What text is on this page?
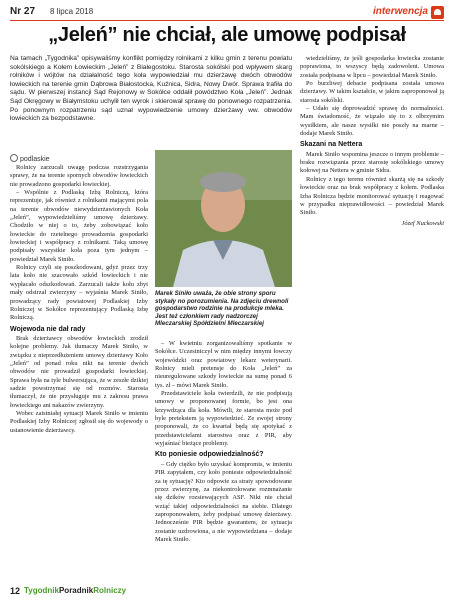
Nr 27 8 lipca 2018	interwencja
„Jeleń” nie chciał, ale umowę podpisał
Na tamach „Tygodnika” opisywaliśmy konflikt pomiędzy rolnikami z kilku gmin z terenu powiatu sokólskiego a Kołem Łowieckim „Jeleń” z Białegostoku. Starosta sokólski pod wpływem skarg rolników i wójtów na działalność tego koła wypowiedział mu dzierżawę dwóch obwodów łowieckich na terenie gmin Dąbrowa Białostocka, Kuźnica, Sidra, Nowy Dwór. Sprawa trafiła do sądu. W pierwszej instancji Sąd Rejonowy w Sokółce oddalił powództwo Koła „Jeleń”. Jednak Sąd Okręgowy w Białymstoku uchylił ten wyrok i skierował sprawę do ponownego rozpatrzenia. Po ponownym rozpatrzeniu sąd uznał wypowiedzenie umowy dzierżawy ww. obwodów łowieckich za bezpodstawne.
podlaskie

Rolnicy zarzucali uwagę podczas rozstrzygania sprawy, że na terenie spornych obwodów łowieckich nie prowadzono gospodarki łowieckiej.

– Wspólnie z Podlaską Izbą Rolniczą, która reprezentuje, jak również z rolnikami mającymi pola na terenie obwodów niewydzierżawionych Koła „Jeleń”, wypowiedzieliśmy umowę dzierżawy. Chodziło w niej o to, żeby zobowiązać koło łowieckie do rzetelnego prowadzenia gospodarki łowieckiej i współpracy z rolnikami. Taką umowę podpisały wszystkie koła poza tym jednym – powiedział Marek Siniło.

Rolnicy czyli się poszkodowani, gdyż przez trzy lata koło nie szacowało szkód łowieckich i nie wypłacało odszkodowań. Zarzucali także kołu zbyt mały odstrzał zwierzyny – wyjaśnia Marek Siniło, prowadzący rady powiatowej Podlaskiej Izby Rolniczej w Sokółce reprezentujący Podlaską Izbę Rolniczą.

Wojewoda nie dał rady

Brak dzierżawcy obwodów łowieckich zrodził kolejne problemy. Jak tłumaczy Marek Siniło, w związku z nieprzedłużeniem umowy dzierżawy Koło „Jeleń” od ponad roku nikt na terenie dwóch obwodów nie prowadził gospodarki łowieckiej. Sprawa była na tyle bulwersująca, że w zeszłe dzikiej sadzie powstrzymać się od rozmów. Starosta tłumaczył, że nie przysługuje mu z zakresu prawa łowieckiego ani nakazów zwierzyny.

Wobec zaistniałej sytuacji Marek Siniło w imieniu Podlaskiej Izby Rolniczej zgłosił się do wojewody o ustanowienie dzierżawcy.

Marek Siniło uważa, że obie strony sporu stykały no porozumienia. Na zdjęciu drewnoli gospodarstwo rodzinie na produkcje mleka. Jest też członkiem rady nadzorczej Mleczarskiej Spółdzielni Mleczarskiej

– W kwietniu zorganizowaliśmy spotkanie w Sokółce. Uczestniczył w nim między innymi łowczy wojewódzki oraz powiatowy lekarz weterynarii. Rolnicy mieli pretensje do Koła „Jeleń” za nieuregulowane szkody łowieckie na sumę ponad 6 tys. zł – mówi Marek Siniło.

Przedstawiciele koła twierdzili, że nie podpisują umowy w proponowanej formie, bo jest ona krzywdząca dla koła. Mówili, że starosta może pod byle pretekstem ją wypowiedzieć. Ze swojej strony proponowali, że co kwartał będą się spotykać z przedstawicielami starostwa oraz z PIR, aby wyjaśniać bieżące problemy.

Kto poniesie odpowiedzialność?

– Gdy ciężko było uzyskać kompromis, w imieniu PIR zapytałem, czy koło poniesie odpowiedzialność za tę sytuację? Kto odpowie za straty spowodowane przez zwierzynę, za niekontrolowane rozmnażanie się dzików rozsiewających ASF. Nikt nie chciał wziąć takiej odpowiedzialności na siebie. Dlatego zaproponowałem, żeby podpisać umowę dzierżawy. Jednocześnie PIR będzie gwarantem, że sytuacja zostanie uzdrowiona, a nie wypowiedziana – dodaje Marek Siniło.

wiedzieliśmy, że jeśli gospodarka łowiecka zostanie poprawiona, to wszyscy będą zadowoleni. Umowa została podpisana w lipcu – powiedział Marek Siniło.

Po burzliwej debacie podpisana została umowa dzierżawy. W takim kształcie, w jakim zaproponował ją starosta sokólski.

– Udało się doprowadzić sprawę do normalności. Mam świadomość, że wiązało się to z olbrzymim wysiłkiem, ale nasze wysiłki nie poszły na marne – dodaje Marek Siniło.

Skazani na Nettera

Marek Siniło wspomina jeszcze o innym problemie – braku rozwiązania przez starostę sokólskiego umowy kołowej na Nettera w gminie Sidra.

Rolnicy z tego terenu również skarżą się na szkody łowieckie oraz na brak współpracy z kołem. Podlaska Izba Rolnicza będzie monitorować sytuację i reagować w przypadku nieprawidłowości – powiedział Marek Siniło.

Józef Nuckowski
12 TygodnikPoradnikRolniczy
